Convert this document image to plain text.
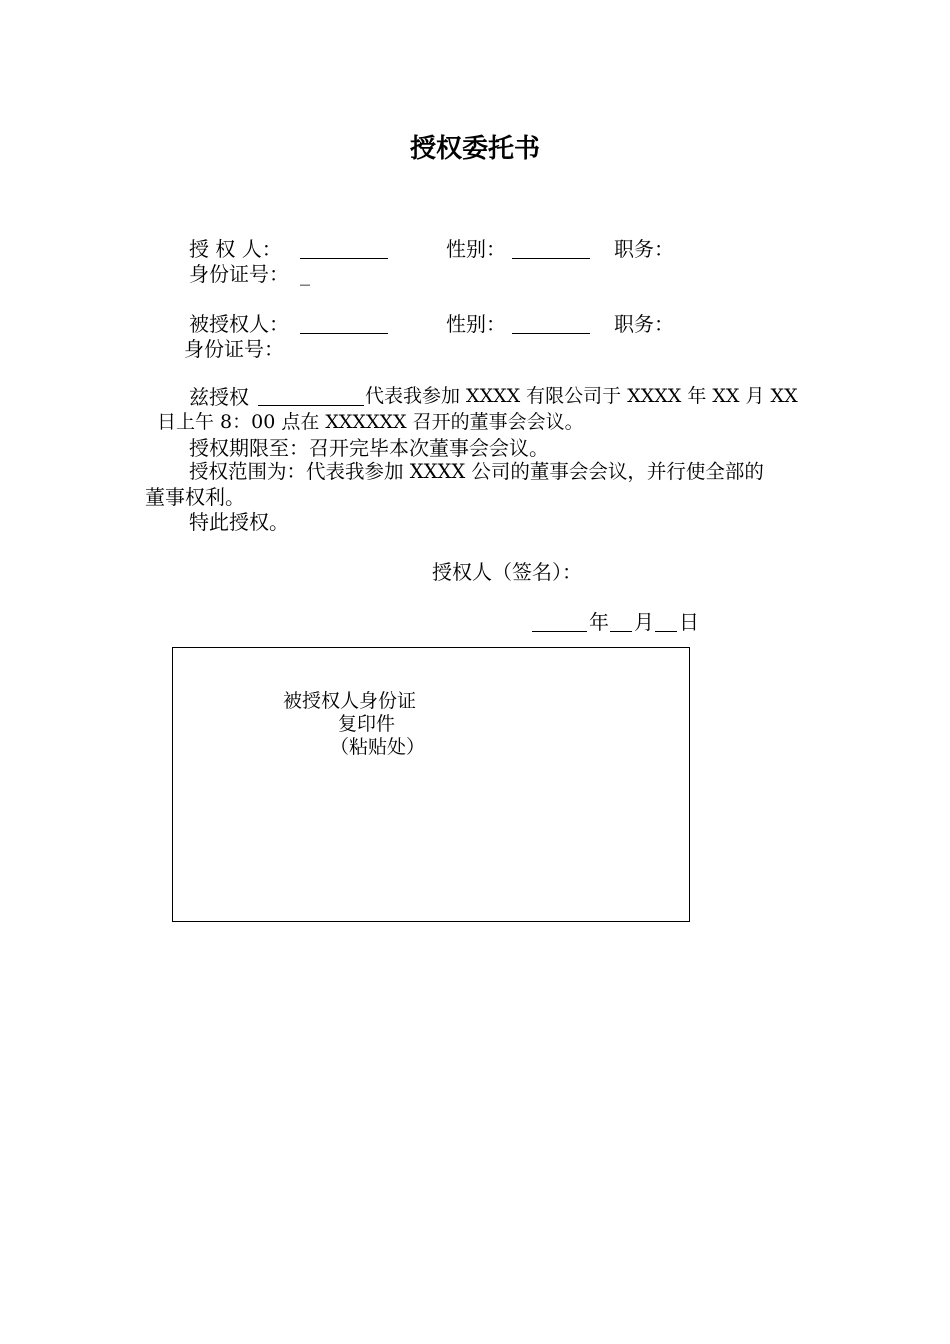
授权委托书
授 权 人：	性别：	职务：
身份证号： _
被授权人：	性别：	职务：
身份证号：
兹授权	代表我参加 XXXX 有限公司于 XXXX 年 XX 月 XX
日上午 8：00 点在 XXXXXX 召开的董事会会议。
授权期限至：召开完毕本次董事会会议。
授权范围为：代表我参加 XXXX 公司的董事会会议，并行使全部的
董事权利。
特此授权。
授权人（签名）：
年 月 日
被授权人身份证
复印件
（粘贴处）
